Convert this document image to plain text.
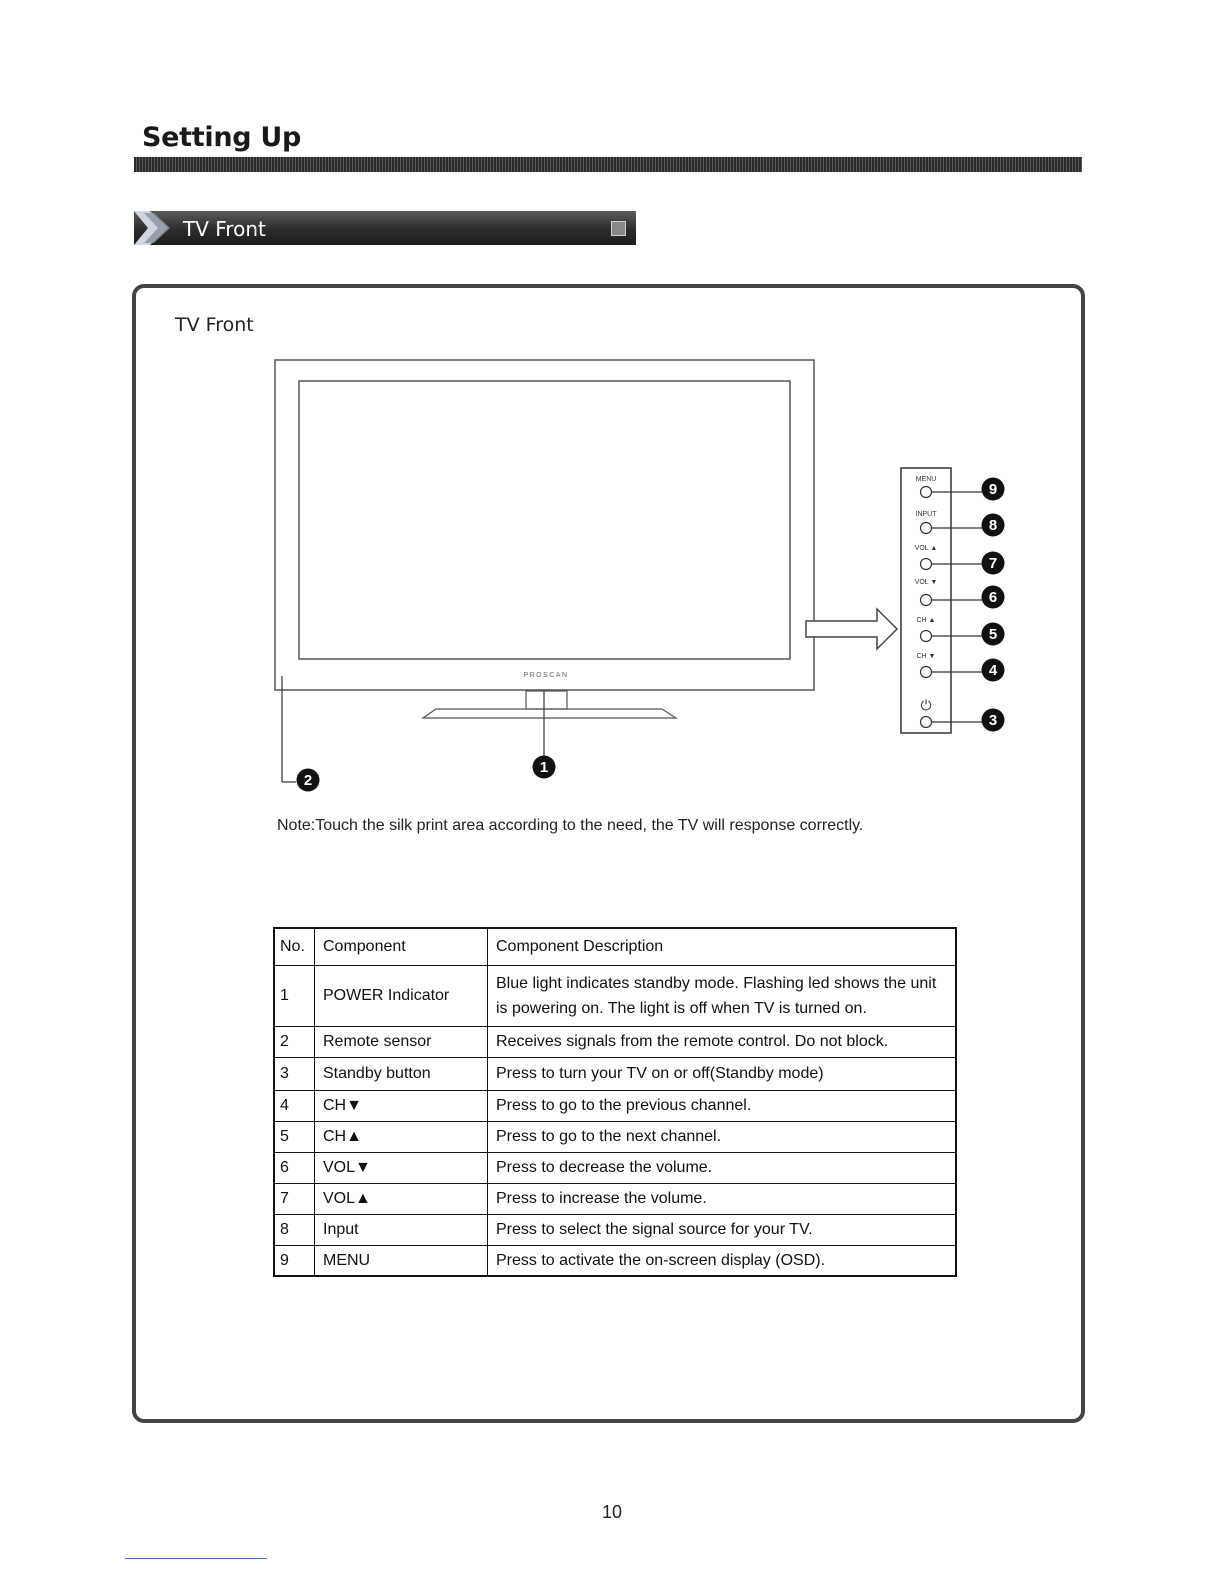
Setting Up
TV Front
TV Front
PROSCAN
MENU
INPUT
VOL ▲
VOL ▼
CH ▲
CH ▼
⏻
9
8
7
6
5
4
3
2
1
Note:Touch the silk print area according to the need, the TV will response correctly.
No.	Component	Component Description
1	POWER Indicator	Blue light indicates standby mode. Flashing led shows the unit is powering on. The light is off when TV is turned on.
2	Remote sensor	Receives signals from the remote control. Do not block.
3	Standby button	Press to turn your TV on or off(Standby mode)
4	CH▼	Press to go to the previous channel.
5	CH▲	Press to go to the next channel.
6	VOL▼	Press to decrease the volume.
7	VOL▲	Press to increase the volume.
8	Input	Press to select the signal source for your TV.
9	MENU	Press to activate the on-screen display (OSD).
10
